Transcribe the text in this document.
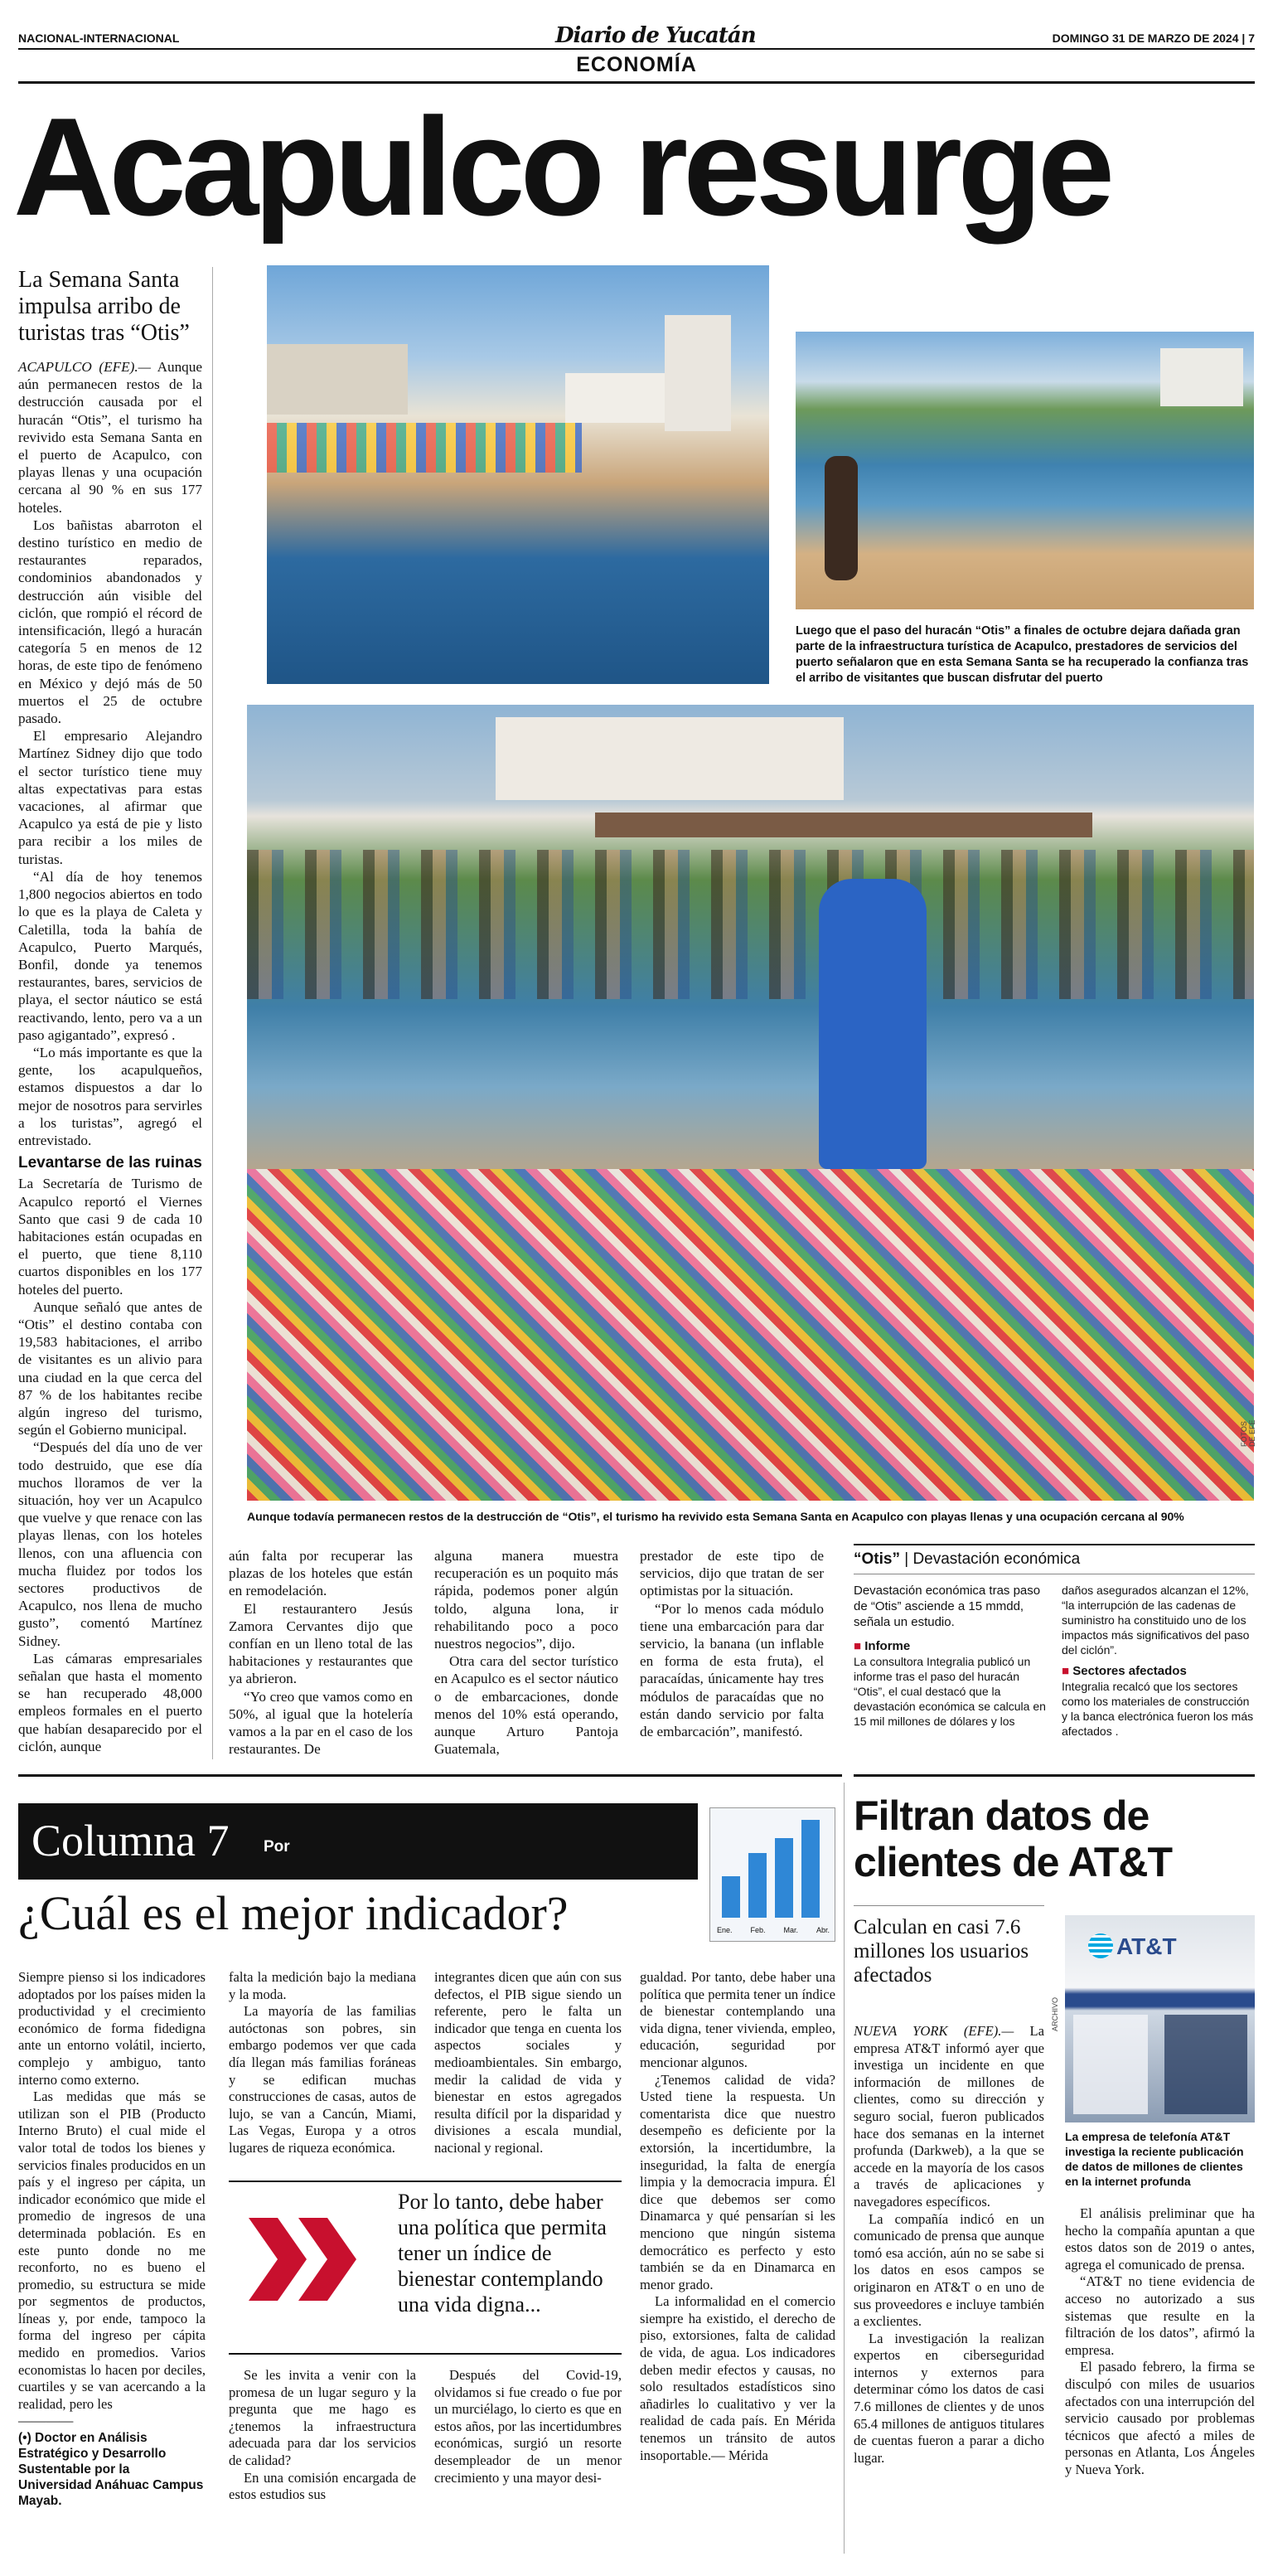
NACIONAL-INTERNACIONAL	Diario de Yucatán	DOMINGO 31 DE MARZO DE 2024 | 7
ECONOMÍA
Acapulco resurge
La Semana Santa impulsa arribo de turistas tras “Otis”

ACAPULCO (EFE).— Aunque aún permanecen restos de la destrucción causada por el huracán “Otis”, el turismo ha revivido esta Semana Santa en el puerto de Acapulco, con playas llenas y una ocupación cercana al 90 % en sus 177 hoteles.

Los bañistas abarroton el destino turístico en medio de restaurantes reparados, condominios abandonados y destrucción aún visible del ciclón, que rompió el récord de intensificación, llegó a huracán categoría 5 en menos de 12 horas, de este tipo de fenómeno en México y dejó más de 50 muertos el 25 de octubre pasado.

El empresario Alejandro Martínez Sidney dijo que todo el sector turístico tiene muy altas expectativas para estas vacaciones, al afirmar que Acapulco ya está de pie y listo para recibir a los miles de turistas.

“Al día de hoy tenemos 1,800 negocios abiertos en todo lo que es la playa de Caleta y Caletilla, toda la bahía de Acapulco, Puerto Marqués, Bonfil, donde ya tenemos restaurantes, bares, servicios de playa, el sector náutico se está reactivando, lento, pero va a un paso agigantado”, expresó .

“Lo más importante es que la gente, los acapulqueños, estamos dispuestos a dar lo mejor de nosotros para servirles a los turistas”, agregó el entrevistado.

Levantarse de las ruinas

La Secretaría de Turismo de Acapulco reportó el Viernes Santo que casi 9 de cada 10 habitaciones están ocupadas en el puerto, que tiene 8,110 cuartos disponibles en los 177 hoteles del puerto.

Aunque señaló que antes de “Otis” el destino contaba con 19,583 habitaciones, el arribo de visitantes es un alivio para una ciudad en la que cerca del 87 % de los habitantes recibe algún ingreso del turismo, según el Gobierno municipal.

“Después del día uno de ver todo destruido, que ese día muchos lloramos de ver la situación, hoy ver un Acapulco que vuelve y que renace con las playas llenas, con los hoteles llenos, con una afluencia con mucha fluidez por todos los sectores productivos de Acapulco, nos llena de mucho gusto”, comentó Martínez Sidney.

Las cámaras empresariales señalan que hasta el momento se han recuperado 48,000 empleos formales en el puerto que habían desaparecido por el ciclón, aunque

Luego que el paso del huracán “Otis” a finales de octubre dejara dañada gran parte de la infraestructura turística de Acapulco, prestadores de servicios del puerto señalaron que en esta Semana Santa se ha recuperado la confianza tras el arribo de visitantes que buscan disfrutar del puerto
FOTOS DE EFE
Aunque todavía permanecen restos de la destrucción de “Otis”, el turismo ha revivido esta Semana Santa en Acapulco con playas llenas y una ocupación cercana al 90%

aún falta por recuperar las plazas de los hoteles que están en remodelación.

El restaurantero Jesús Zamora Cervantes dijo que confían en un lleno total de las habitaciones y restaurantes que ya abrieron.

“Yo creo que vamos como en 50%, al igual que la hotelería vamos a la par en el caso de los restaurantes. De

alguna manera muestra recuperación es un poquito más rápida, podemos poner algún toldo, alguna lona, ir rehabilitando poco a poco nuestros negocios”, dijo.

Otra cara del sector turístico en Acapulco es el sector náutico o de embarcaciones, donde menos del 10% está operando, aunque Arturo Pantoja Guatemala,

prestador de este tipo de servicios, dijo que tratan de ser optimistas por la situación.

“Por lo menos cada módulo tiene una embarcación para dar servicio, la banana (un inflable en forma de esta fruta), el paracaídas, únicamente hay tres módulos de paracaídas que no están dando servicio por falta de embarcación”, manifestó.

“Otis” | Devastación económica
Devastación económica tras paso de “Otis” asciende a 15 mmdd, señala un estudio.
■ Informe
La consultora Integralia publicó un informe tras el paso del huracán “Otis”, el cual destacó que la devastación económica se calcula en 15 mil millones de dólares y los
daños asegurados alcanzan el 12%, “la interrupción de las cadenas de suministro ha constituido uno de los impactos más significativos del paso del ciclón”.
■ Sectores afectados
Integralia recalcó que los sectores como los materiales de construcción y la banca electrónica fueron los más afectados .
Columna 7 Por
Ene. Feb. Mar. Abr.
¿Cuál es el mejor indicador?

Siempre pienso si los indicadores adoptados por los países miden la productividad y el crecimiento económico de forma fidedigna ante un entorno volátil, incierto, complejo y ambiguo, tanto interno como externo.

Las medidas que más se utilizan son el PIB (Producto Interno Bruto) el cual mide el valor total de todos los bienes y servicios finales producidos en un país y el ingreso per cápita, un indicador económico que mide el promedio de ingresos de una determinada población. Es en este punto donde no me reconforto, no es bueno el promedio, su estructura se mide por segmentos de productos, líneas y, por ende, tampoco la forma del ingreso per cápita medido en promedios. Varios economistas lo hacen por deciles, cuartiles y se van acercando a la realidad, pero les

————

(•) Doctor en Análisis Estratégico y Desarrollo Sustentable por la Universidad Anáhuac Campus Mayab.

falta la medición bajo la mediana y la moda.

La mayoría de las familias autóctonas son pobres, sin embargo podemos ver que cada día llegan más familias foráneas y se edifican muchas construcciones de casas, autos de lujo, se van a Cancún, Miami, Las Vegas, Europa y a otros lugares de riqueza económica.

integrantes dicen que aún con sus defectos, el PIB sigue siendo un referente, pero le falta un indicador que tenga en cuenta los aspectos sociales y medioambientales. Sin embargo, medir la calidad de vida y bienestar en estos agregados resulta difícil por la disparidad y divisiones a escala mundial, nacional y regional.

gualdad. Por tanto, debe haber una política que permita tener un índice de bienestar contemplando una vida digna, tener vivienda, empleo, educación, seguridad por mencionar algunos.

¿Tenemos calidad de vida? Usted tiene la respuesta. Un comentarista dice que nuestro desempeño es deficiente por la extorsión, la incertidumbre, la inseguridad, la falta de energía limpia y la democracia impura. Él dice que debemos ser como Dinamarca y qué pensarían si les menciono que ningún sistema democrático es perfecto y esto también se da en Dinamarca en menor grado.

La informalidad en el comercio siempre ha existido, el derecho de piso, extorsiones, falta de calidad de vida, de agua. Los indicadores deben medir efectos y causas, no solo resultados estadísticos sino añadirles lo cualitativo y ver la realidad de cada país. En Mérida tenemos un tránsito de autos insoportable.— Mérida

Por lo tanto, debe haber una política que permita tener un índice de bienestar contemplando una vida digna...

Se les invita a venir con la promesa de un lugar seguro y la pregunta que me hago es ¿tenemos la infraestructura adecuada para dar los servicios de calidad?

En una comisión encargada de estos estudios sus

Después del Covid-19, olvidamos si fue creado o fue por un murciélago, lo cierto es que en estos años, por las incertidumbres económicas, surgió un resorte desempleador de un menor crecimiento y una mayor desi-

Filtran datos de clientes de AT&T
Calculan en casi 7.6 millones los usuarios afectados

NUEVA YORK (EFE).— La empresa AT&T informó ayer que investiga un incidente en que información de millones de clientes, como su dirección y seguro social, fueron publicados hace dos semanas en la internet profunda (Darkweb), a la que se accede en la mayoría de los casos a través de aplicaciones y navegadores específicos.

La compañía indicó en un comunicado de prensa que aunque tomó esa acción, aún no se sabe si los datos en esos campos se originaron en AT&T o en uno de sus proveedores e incluye también a exclientes.

La investigación la realizan expertos en ciberseguridad internos y externos para determinar cómo los datos de casi 7.6 millones de clientes y de unos 65.4 millones de antiguos titulares de cuentas fueron a parar a dicho lugar.

AT&T
ARCHIVO
La empresa de telefonía AT&T investiga la reciente publicación de datos de millones de clientes en la internet profunda

El análisis preliminar que ha hecho la compañía apuntan a que estos datos son de 2019 o antes, agrega el comunicado de prensa.

“AT&T no tiene evidencia de acceso no autorizado a sus sistemas que resulte en la filtración de los datos”, afirmó la empresa.

El pasado febrero, la firma se disculpó con miles de usuarios afectados con una interrupción del servicio causado por problemas técnicos que afectó a miles de personas en Atlanta, Los Ángeles y Nueva York.
